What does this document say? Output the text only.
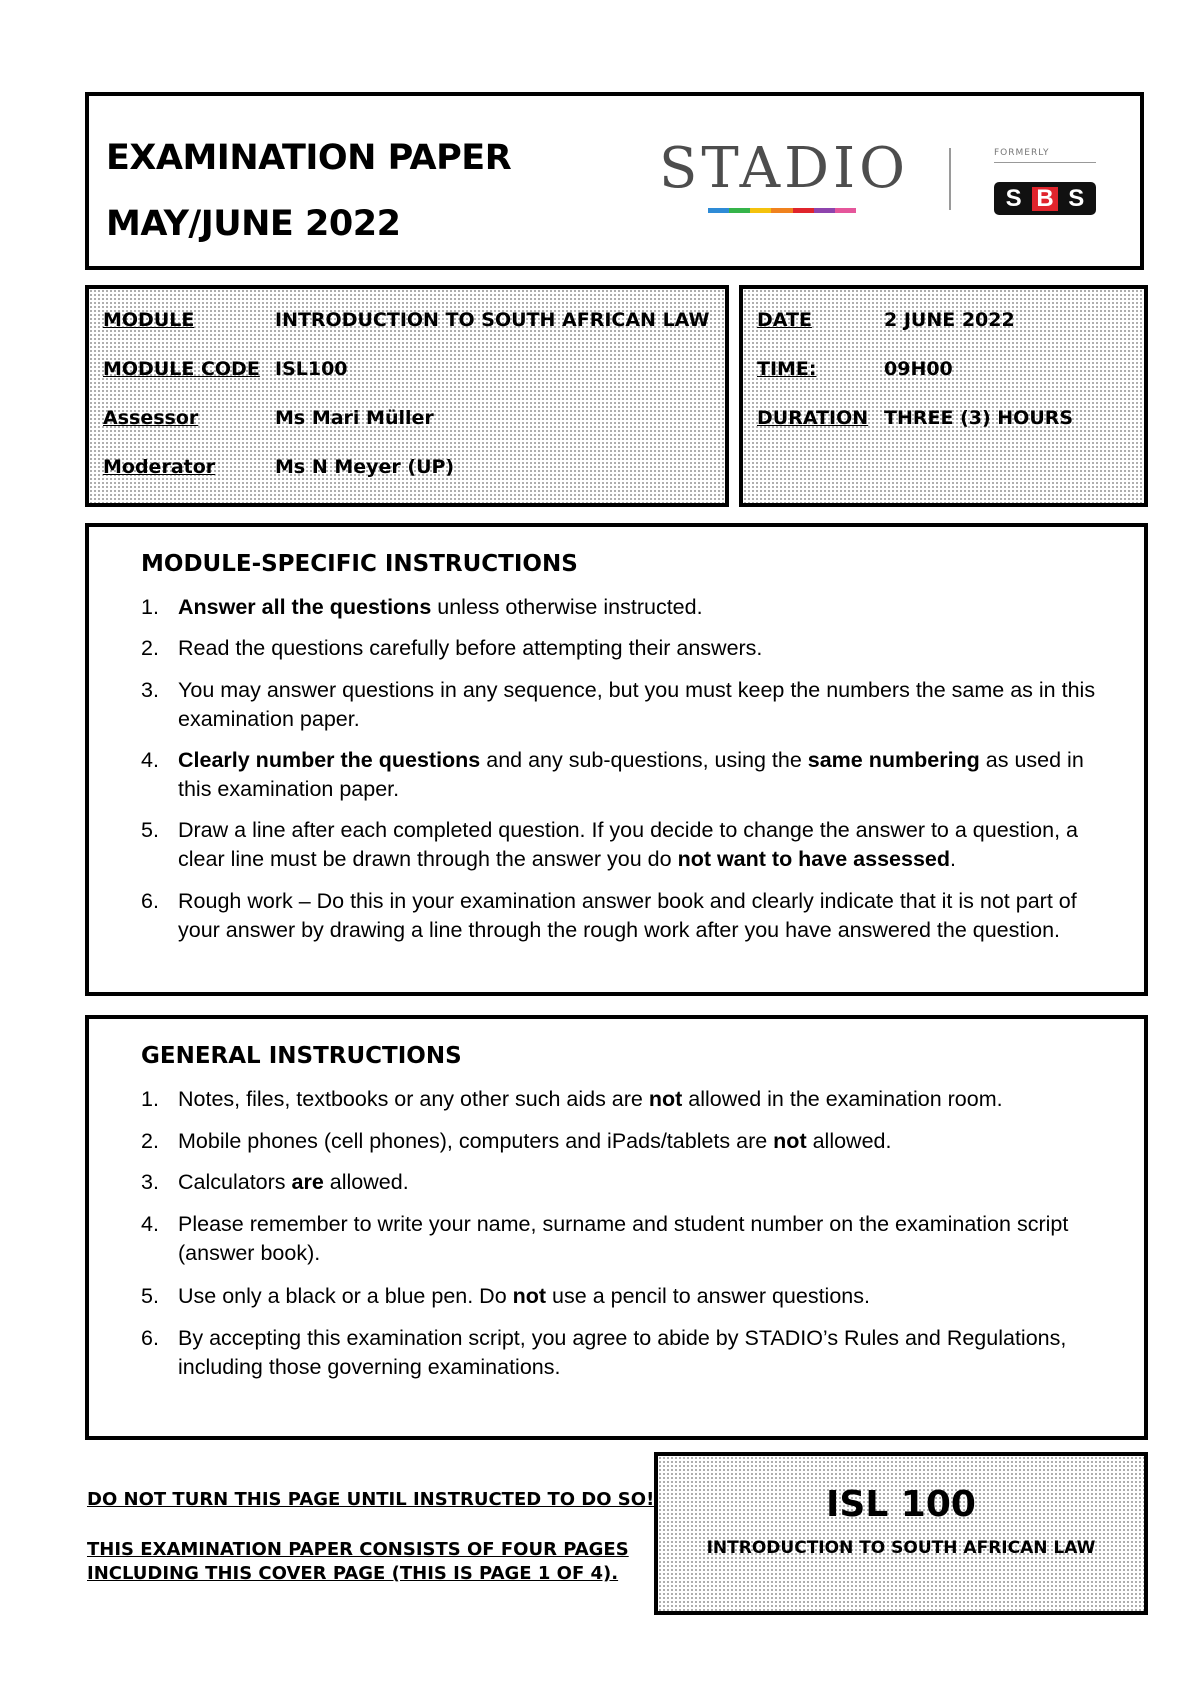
EXAMINATION PAPER
MAY/JUNE 2022
STADIO	FORMERLY
S B S
MODULE	INTRODUCTION TO SOUTH AFRICAN LAW
MODULE CODE ISL100
Assessor	Ms Mari Müller
Moderator	Ms N Meyer (UP)
DATE	2 JUNE 2022
TIME:	09H00
DURATION THREE (3) HOURS
MODULE-SPECIFIC INSTRUCTIONS
1. Answer all the questions unless otherwise instructed.
2. Read the questions carefully before attempting their answers.
3. You may answer questions in any sequence, but you must keep the numbers the same as in this examination paper.
4. Clearly number the questions and any sub-questions, using the same numbering as used in this examination paper.
5. Draw a line after each completed question. If you decide to change the answer to a question, a clear line must be drawn through the answer you do not want to have assessed.
6. Rough work – Do this in your examination answer book and clearly indicate that it is not part of your answer by drawing a line through the rough work after you have answered the question.
GENERAL INSTRUCTIONS
1. Notes, files, textbooks or any other such aids are not allowed in the examination room.
2. Mobile phones (cell phones), computers and iPads/tablets are not allowed.
3. Calculators are allowed.
4. Please remember to write your name, surname and student number on the examination script (answer book).
5. Use only a black or a blue pen. Do not use a pencil to answer questions.
6. By accepting this examination script, you agree to abide by STADIO’s Rules and Regulations, including those governing examinations.
DO NOT TURN THIS PAGE UNTIL INSTRUCTED TO DO SO!
THIS EXAMINATION PAPER CONSISTS OF FOUR PAGES
INCLUDING THIS COVER PAGE (THIS IS PAGE 1 OF 4).
ISL 100
INTRODUCTION TO SOUTH AFRICAN LAW
